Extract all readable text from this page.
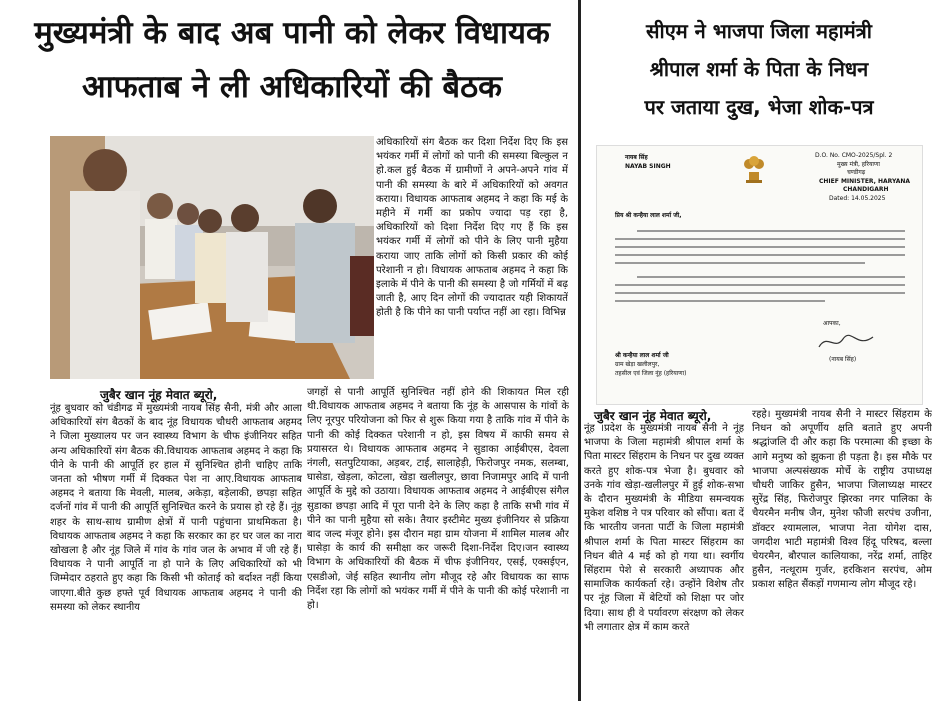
मुख्यमंत्री के बाद अब पानी को लेकर विधायक
आफताब ने ली अधिकारियों की बैठक
सीएम ने भाजपा जिला महामंत्री
श्रीपाल शर्मा के पिता के निधन
पर जताया दुख, भेजा शोक-पत्र

अधिकारियों संग बैठक कर दिशा निर्देश दिए कि इस भयंकर गर्मी में लोगों को पानी की समस्या बिल्कुल न हो.कल हुई बैठक में ग्रामीणों ने अपने-अपने गांव में पानी की समस्या के बारे में अधिकारियों को अवगत कराया। विधायक आफताब अहमद ने कहा कि मई के महीने में गर्मी का प्रकोप ज्यादा पड़ रहा है, अधिकारियों को दिशा निर्देश दिए गए हैं कि इस भयंकर गर्मी में लोगों को पीने के लिए पानी मुहैया कराया जाए ताकि लोगों को किसी प्रकार की कोई परेशानी न हो। विधायक आफताब अहमद ने कहा कि इलाके में पीने के पानी की समस्या है जो गर्मियों में बढ़ जाती है, आए दिन लोगों की ज्यादातर यही शिकायतें होती है कि पीने का पानी पर्याप्त नहीं आ रहा। विभिन्न

जुबैर खान नूंह मेवात ब्यूरो,

नूंह बुधवार को चंडीगढ में मुख्यमंत्री नायब सिंह सैनी, मंत्री और आला अधिकारियों संग बैठकों के बाद नूंह विधायक चौधरी आफताब अहमद ने जिला मुख्यालय पर जन स्वास्थ्य विभाग के चीफ इंजीनियर सहित अन्य अधिकारियों संग बैठक की.विधायक आफताब अहमद ने कहा कि पीने के पानी की आपूर्ति हर हाल में सुनिश्चित होनी चाहिए ताकि जनता को भीषण गर्मी में दिक्कत पेश ना आए.विधायक आफताब अहमद ने बताया कि मेवली, मालब, अकेड़ा, बड़ेलाकी, छपड़ा सहित दर्जनों गांव में पानी की आपूर्ति सुनिश्चित करने के प्रयास हो रहे हैं। नूंह शहर के साथ-साथ ग्रामीण क्षेत्रों में पानी पहुंचाना प्राथमिकता है। विधायक आफताब अहमद ने कहा कि सरकार का हर घर जल का नारा खोखला है और नूंह जिले में गांव के गांव जल के अभाव में जी रहे हैं। विधायक ने पानी आपूर्ति ना हो पाने के लिए अधिकारियों को भी जिम्मेदार ठहराते हुए कहा कि किसी भी कोताई को बर्दाश्त नहीं किया जाएगा.बीते कुछ हफ्ते पूर्व विधायक आफताब अहमद ने पानी की समस्या को लेकर स्थानीय

जगहों से पानी आपूर्ति सुनिश्चित नहीं होने की शिकायत मिल रही थी.विधायक आफताब अहमद ने बताया कि नूंह के आसपास के गांवों के लिए नूरपुर परियोजना को फिर से शुरू किया गया है ताकि गांव में पीने के पानी की कोई दिक्कत परेशानी न हो, इस विषय में काफी समय से प्रयासरत थे। विधायक आफताब अहमद ने सुडाका आईबीएस, देवला नंगली, सतपुटियाका, अड़बर, टाई, सालाहेड़ी, फिरोजपुर नमक, सलम्बा, घासेडा, खेड़ला, कोटला, खेड़ा खलीलपुर, छावा निजामपुर आदि में पानी आपूर्ति के मुद्दे को उठाया। विधायक आफताब अहमद ने आईबीएस संगैल सुडाका छपड़ा आदि में पूरा पानी देने के लिए कहा है ताकि सभी गांव में पीने का पानी मुहैया सो सके। तैयार इस्टीमेट मुख्य इंजीनियर से प्रक्रिया बाद जल्द मंजूर होने। इस दौरान महा ग्राम योजना में शामिल मालब और घासेड़ा के कार्य की समीक्षा कर जरूरी दिशा-निर्देश दिए।जन स्वास्थ्य विभाग के अधिकारियों की बैठक में चीफ इंजीनियर, एसई, एक्सईएन, एसडीओ, जेई सहित स्थानीय लोग मौजूद रहे और विधायक का साफ निर्देश रहा कि लोगों को भयंकर गर्मी में पीने के पानी की कोई परेशानी ना हो।

नायब सिंह
NAYAB SINGH
D.O. No. CMO-2025/Spl. 2
मुख्य मंत्री, हरियाणा
चण्डीगढ़
CHIEF MINISTER, HARYANA
CHANDIGARH
Dated: 14.05.2025
प्रिय श्री कन्हैया लाल शर्मा जी,
आपका,
(नायब सिंह)
श्री कन्हैया लाल शर्मा जी
ग्राम खेड़ा खलीलपुर,
तहसील एवं जिला नूंह (हरियाणा)
जुबैर खान नूंह मेवात ब्यूरो,

नूंह ।प्रदेश के मुख्यमंत्री नायब सैनी ने नूंह भाजपा के जिला महामंत्री श्रीपाल शर्मा के पिता मास्टर सिंहराम के निधन पर दुख व्यक्त करते हुए शोक-पत्र भेजा है। बुधवार को उनके गांव खेड़ा-खलीलपुर में हुई शोक-सभा के दौरान मुख्यमंत्री के मीडिया समन्वयक मुकेश वशिष्ठ ने पत्र परिवार को सौंपा। बता दें कि भारतीय जनता पार्टी के जिला महामंत्री श्रीपाल शर्मा के पिता मास्टर सिंहराम का निधन बीते 4 मई को हो गया था। स्वर्गीय सिंहराम पेशे से सरकारी अध्यापक और सामाजिक कार्यकर्ता रहे। उन्होंने विशेष तौर पर नूंह जिला में बेटियों को शिक्षा पर जोर दिया। साथ ही वे पर्यावरण संरक्षण को लेकर भी लगातार क्षेत्र में काम करते

रहहे। मुख्यमंत्री नायब सैनी ने मास्टर सिंहराम के निधन को अपूर्णीय क्षति बताते हुए अपनी श्रद्धांजलि दी और कहा कि परमात्मा की इच्छा के आगे मनुष्य को झुकना ही पड़ता है। इस मौके पर भाजपा अल्पसंख्यक मोर्चे के राष्ट्रीय उपाध्यक्ष चौधरी जाकिर हुसैन, भाजपा जिलाध्यक्ष मास्टर सुरेंद्र सिंह, फिरोजपुर झिरका नगर पालिका के चैयरमैन मनीष जैन, मुनेश फौजी सरपंच उजीना, डॉक्टर श्यामलाल, भाजपा नेता योगेश दास, जगदीश भाटी महामंत्री विश्व हिंदू परिषद, बल्ला चेयरमैन, बौरपाल कालियाका, नरेंद्र शर्मा, ताहिर हुसैन, नत्थूराम गुर्जर, हरकिशन सरपंच, ओम प्रकाश सहित सैंकड़ों गणमान्य लोग मौजूद रहे।
